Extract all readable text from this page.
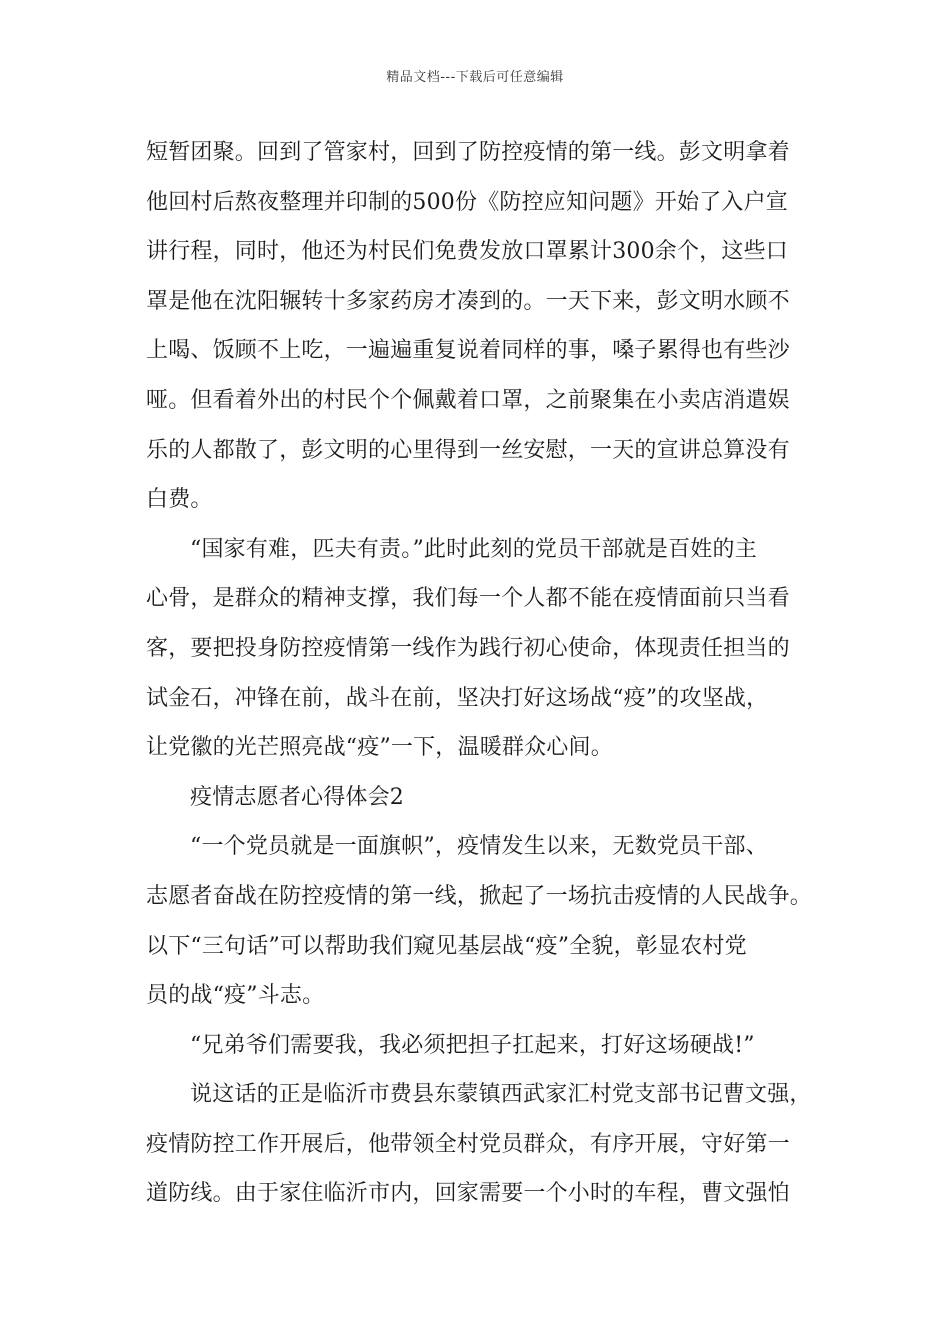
精品文档---下载后可任意编辑
短暂团聚。回到了管家村，回到了防控疫情的第一线。彭文明拿着
他回村后熬夜整理并印制的500份《防控应知问题》开始了入户宣
讲行程，同时，他还为村民们免费发放口罩累计300余个，这些口
罩是他在沈阳辗转十多家药房才凑到的。一天下来，彭文明水顾不
上喝、饭顾不上吃，一遍遍重复说着同样的事，嗓子累得也有些沙
哑。但看着外出的村民个个佩戴着口罩，之前聚集在小卖店消遣娱
乐的人都散了，彭文明的心里得到一丝安慰，一天的宣讲总算没有
白费。
“国家有难，匹夫有责。”此时此刻的党员干部就是百姓的主
心骨，是群众的精神支撑，我们每一个人都不能在疫情面前只当看
客，要把投身防控疫情第一线作为践行初心使命，体现责任担当的
试金石，冲锋在前，战斗在前，坚决打好这场战“疫”的攻坚战，
让党徽的光芒照亮战“疫”一下，温暖群众心间。
疫情志愿者心得体会2
“一个党员就是一面旗帜”，疫情发生以来，无数党员干部、
志愿者奋战在防控疫情的第一线，掀起了一场抗击疫情的人民战争。
以下“三句话”可以帮助我们窥见基层战“疫”全貌，彰显农村党
员的战“疫”斗志。
“兄弟爷们需要我，我必须把担子扛起来，打好这场硬战!”
说这话的正是临沂市费县东蒙镇西武家汇村党支部书记曹文强，
疫情防控工作开展后，他带领全村党员群众，有序开展，守好第一
道防线。由于家住临沂市内，回家需要一个小时的车程，曹文强怕
